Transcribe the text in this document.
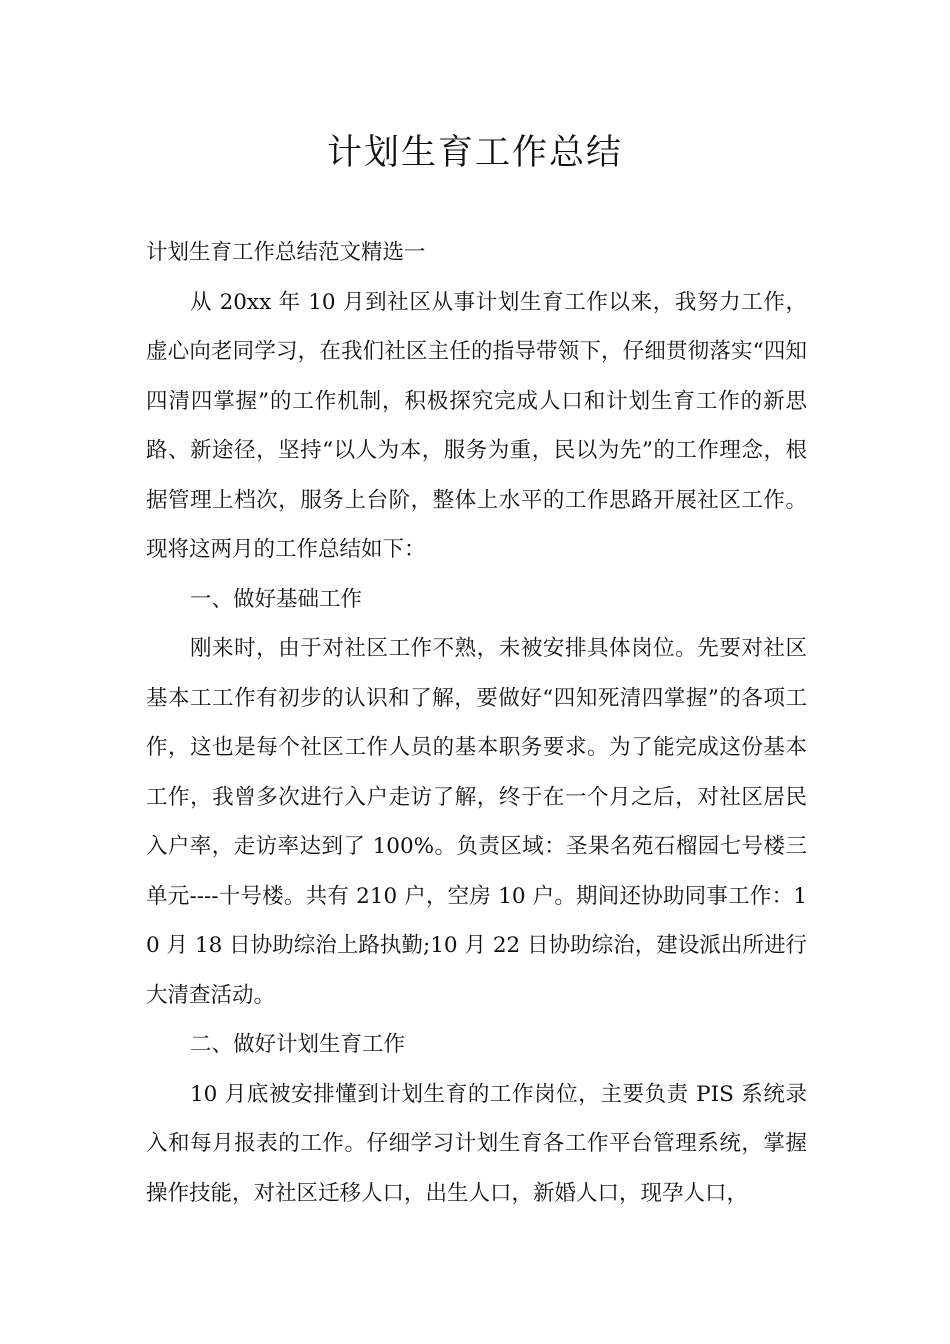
计划生育工作总结

计划生育工作总结范文精选一

从 20xx 年 10 月到社区从事计划生育工作以来，我努力工作，虚心向老同学习，在我们社区主任的指导带领下，仔细贯彻落实“四知四清四掌握”的工作机制，积极探究完成人口和计划生育工作的新思路、新途径，坚持“以人为本，服务为重，民以为先”的工作理念，根据管理上档次，服务上台阶，整体上水平的工作思路开展社区工作。现将这两月的工作总结如下：

一、做好基础工作

刚来时，由于对社区工作不熟，未被安排具体岗位。先要对社区基本工工作有初步的认识和了解，要做好“四知死清四掌握”的各项工作，这也是每个社区工作人员的基本职务要求。为了能完成这份基本工作，我曾多次进行入户走访了解，终于在一个月之后，对社区居民入户率，走访率达到了 100%。负责区域：圣果名苑石榴园七号楼三单元----十号楼。共有 210 户，空房 10 户。期间还协助同事工作：10 月 18 日协助综治上路执勤;10 月 22 日协助综治，建设派出所进行大清查活动。

二、做好计划生育工作

10 月底被安排懂到计划生育的工作岗位，主要负责 PIS 系统录入和每月报表的工作。仔细学习计划生育各工作平台管理系统，掌握操作技能，对社区迁移人口，出生人口，新婚人口，现孕人口，
